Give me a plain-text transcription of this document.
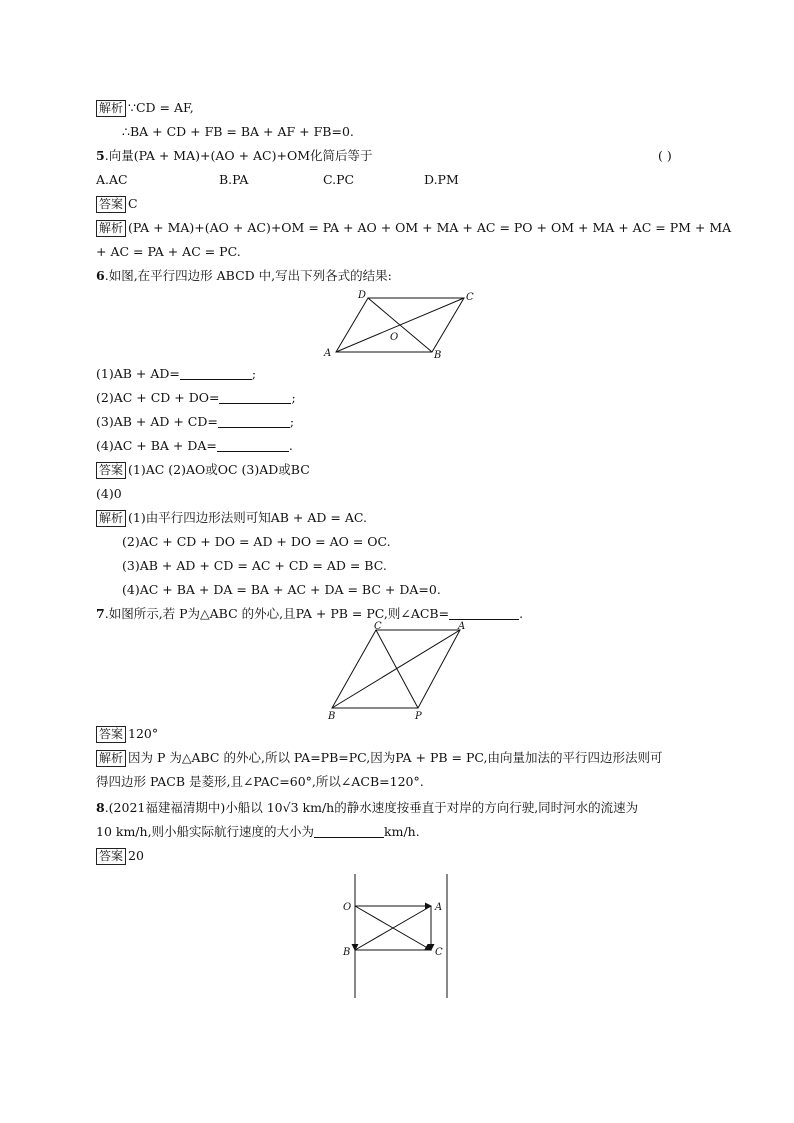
解析 ∵CD = AF,
∴BA + CD + FB = BA + AF + FB=0.
5.向量(PA + MA)+(AO + AC)+OM化简后等于	( )
A.AC	B.PA	C.PC	D.PM
答案 C
解析 (PA + MA)+(AO + AC)+OM = PA + AO + OM + MA + AC = PO + OM + MA + AC = PM + MA
+ AC = PA + AC = PC.
6.如图,在平行四边形 ABCD 中,写出下列各式的结果:
A	B
C
D
O
(1)AB + AD=	;
(2)AC + CD + DO=	;
(3)AB + AD + CD=	;
(4)AC + BA + DA=	.
答案 (1)AC (2)AO或OC (3)AD或BC
(4)0
解析 (1)由平行四边形法则可知AB + AD = AC.
(2)AC + CD + DO = AD + DO = AO = OC.
(3)AB + AD + CD = AC + CD = AD = BC.
(4)AC + BA + DA = BA + AC + DA = BC + DA=0.
7.如图所示,若 P为△ABC 的外心,且PA + PB = PC,则∠ACB=	.
B	P
C	A
答案 120°
解析 因为 P 为△ABC 的外心,所以 PA=PB=PC,因为PA + PB = PC,由向量加法的平行四边形法则可
得四边形 PACB 是菱形,且∠PAC=60°,所以∠ACB=120°.
8.(2021福建福清期中)小船以 10√3 km/h的静水速度按垂直于对岸的方向行驶,同时河水的流速为
10 km/h,则小船实际航行速度的大小为	km/h.
答案 20
O	A
B	C
